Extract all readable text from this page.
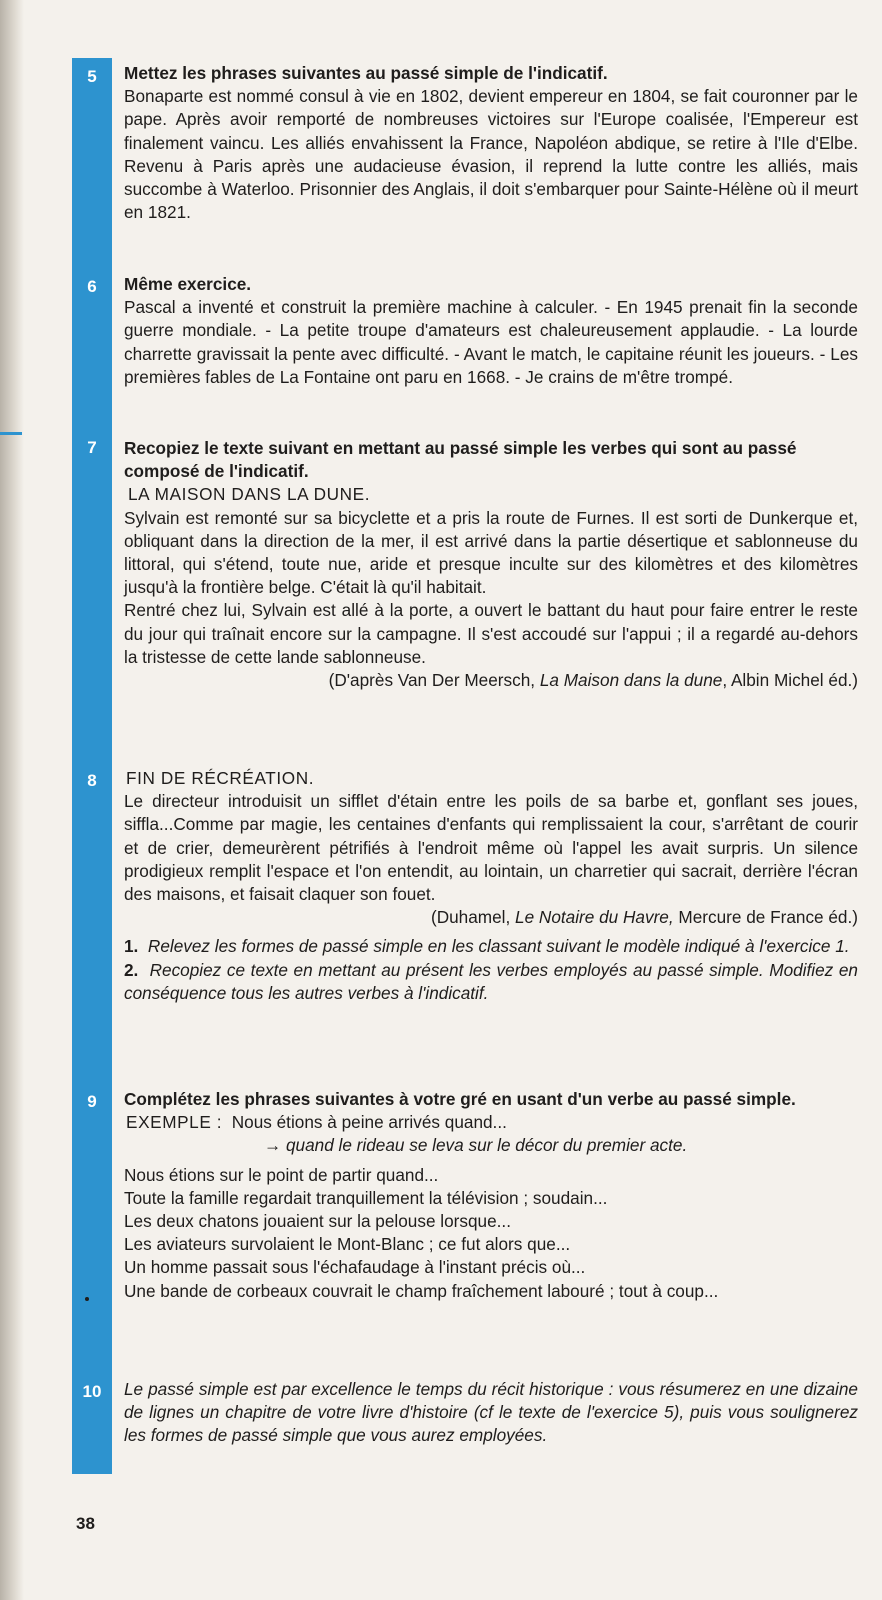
5
6
7
8
9
10

Mettez les phrases suivantes au passé simple de l'indicatif.

Bonaparte est nommé consul à vie en 1802, devient empereur en 1804, se fait couronner par le pape. Après avoir remporté de nombreuses victoires sur l'Europe coalisée, l'Empereur est finalement vaincu. Les alliés envahissent la France, Napoléon abdique, se retire à l'Ile d'Elbe. Revenu à Paris après une audacieuse évasion, il reprend la lutte contre les alliés, mais succombe à Waterloo. Prisonnier des Anglais, il doit s'embarquer pour Sainte-Hélène où il meurt en 1821.

Même exercice.

Pascal a inventé et construit la première machine à calculer. - En 1945 prenait fin la seconde guerre mondiale. - La petite troupe d'amateurs est chaleureusement applaudie. - La lourde charrette gravissait la pente avec difficulté. - Avant le match, le capitaine réunit les joueurs. - Les premières fables de La Fontaine ont paru en 1668. - Je crains de m'être trompé.

Recopiez le texte suivant en mettant au passé simple les verbes qui sont au passé composé de l'indicatif.

LA MAISON DANS LA DUNE.

Sylvain est remonté sur sa bicyclette et a pris la route de Furnes. Il est sorti de Dunkerque et, obliquant dans la direction de la mer, il est arrivé dans la partie désertique et sablonneuse du littoral, qui s'étend, toute nue, aride et presque inculte sur des kilomètres et des kilomètres jusqu'à la frontière belge. C'était là qu'il habitait.

Rentré chez lui, Sylvain est allé à la porte, a ouvert le battant du haut pour faire entrer le reste du jour qui traînait encore sur la campagne. Il s'est accoudé sur l'appui ; il a regardé au-dehors la tristesse de cette lande sablonneuse.

(D'après Van Der Meersch, La Maison dans la dune, Albin Michel éd.)

FIN DE RÉCRÉATION.

Le directeur introduisit un sifflet d'étain entre les poils de sa barbe et, gonflant ses joues, siffla...Comme par magie, les centaines d'enfants qui remplissaient la cour, s'arrêtant de courir et de crier, demeurèrent pétrifiés à l'endroit même où l'appel les avait surpris. Un silence prodigieux remplit l'espace et l'on entendit, au lointain, un charretier qui sacrait, derrière l'écran des maisons, et faisait claquer son fouet.

(Duhamel, Le Notaire du Havre, Mercure de France éd.)

1. Relevez les formes de passé simple en les classant suivant le modèle indiqué à l'exercice 1.

2. Recopiez ce texte en mettant au présent les verbes employés au passé simple. Modifiez en conséquence tous les autres verbes à l'indicatif.

Complétez les phrases suivantes à votre gré en usant d'un verbe au passé simple.

EXEMPLE : Nous étions à peine arrivés quand...

→ quand le rideau se leva sur le décor du premier acte.

Nous étions sur le point de partir quand...

Toute la famille regardait tranquillement la télévision ; soudain...

Les deux chatons jouaient sur la pelouse lorsque...

Les aviateurs survolaient le Mont-Blanc ; ce fut alors que...

Un homme passait sous l'échafaudage à l'instant précis où...

Une bande de corbeaux couvrait le champ fraîchement labouré ; tout à coup...

Le passé simple est par excellence le temps du récit historique : vous résumerez en une dizaine de lignes un chapitre de votre livre d'histoire (cf le texte de l'exercice 5), puis vous soulignerez les formes de passé simple que vous aurez employées.

38
